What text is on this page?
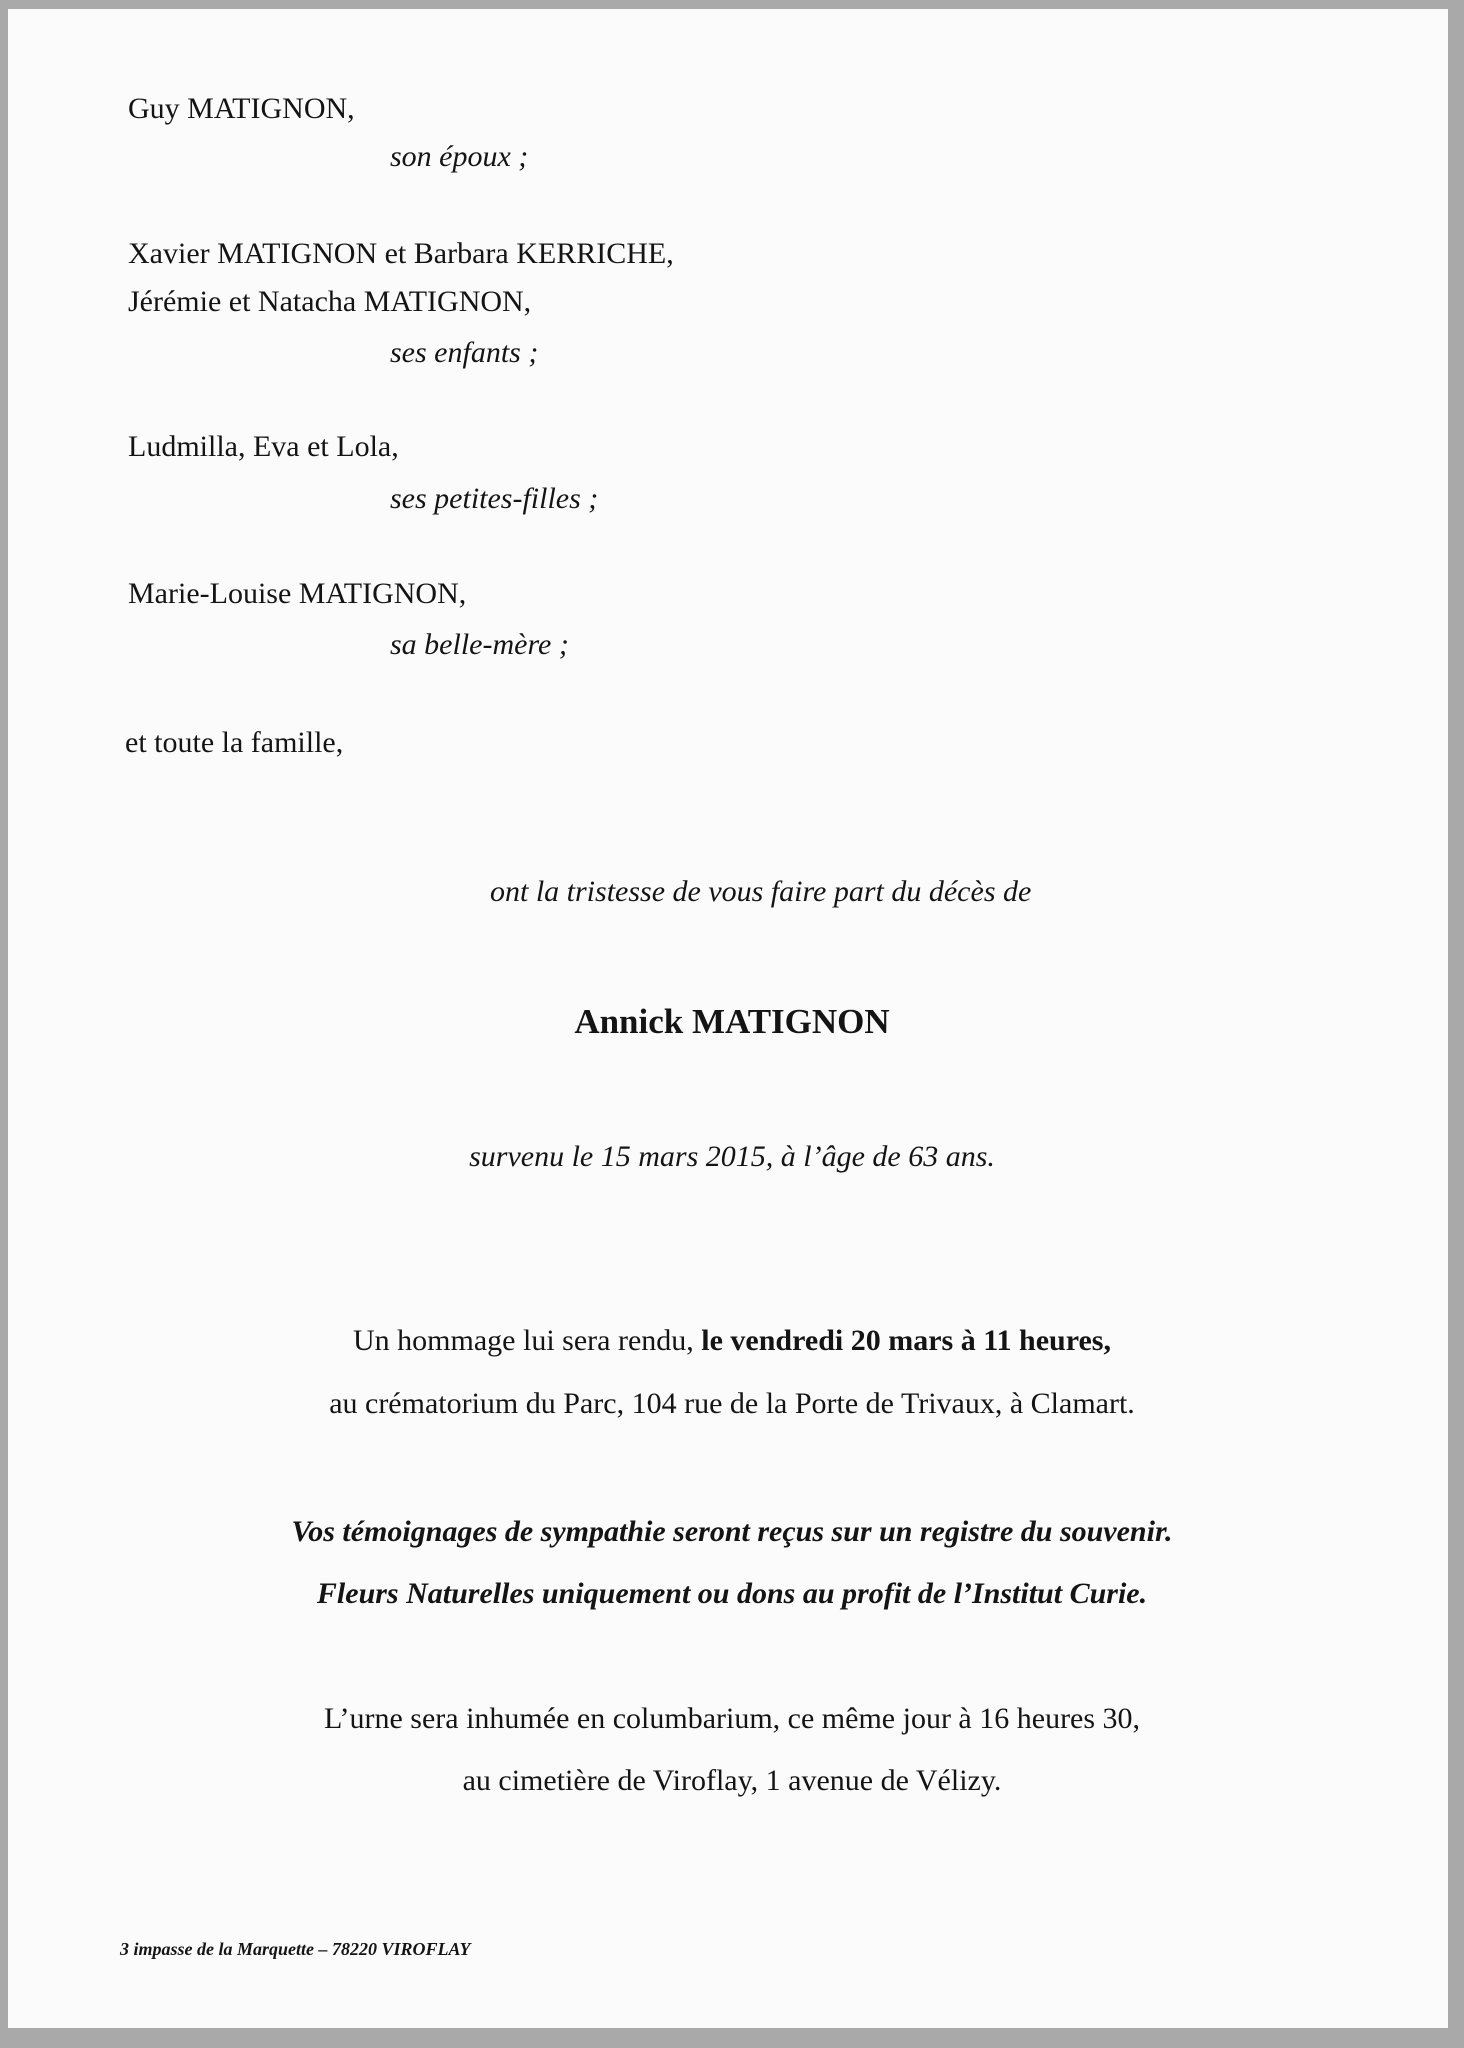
Guy MATIGNON,
son époux ;
Xavier MATIGNON et Barbara KERRICHE,
Jérémie et Natacha MATIGNON,
ses enfants ;
Ludmilla, Eva et Lola,
ses petites-filles ;
Marie-Louise MATIGNON,
sa belle-mère ;
et toute la famille,
ont la tristesse de vous faire part du décès de
Annick MATIGNON
survenu le 15 mars 2015, à l’âge de 63 ans.
Un hommage lui sera rendu, le vendredi 20 mars à 11 heures,
au crématorium du Parc, 104 rue de la Porte de Trivaux, à Clamart.
Vos témoignages de sympathie seront reçus sur un registre du souvenir.
Fleurs Naturelles uniquement ou dons au profit de l’Institut Curie.
L’urne sera inhumée en columbarium, ce même jour à 16 heures 30,
au cimetière de Viroflay, 1 avenue de Vélizy.
3 impasse de la Marquette – 78220 VIROFLAY
